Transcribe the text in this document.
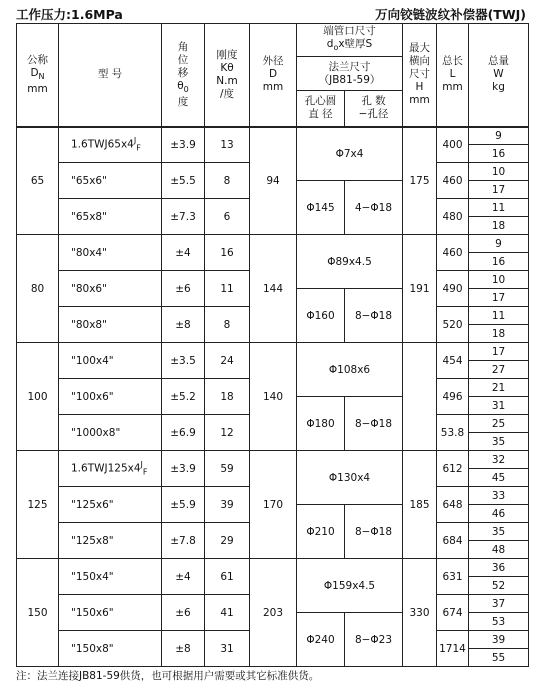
工作压力:1.6MPa	万向铰链波纹补偿器(TWJ)
公称
$D_N$
mm	型 号	角
位
移
$\theta_0$
度	刚度
Kθ
N.m
/度	外径
D
mm	端管口尺寸
$d_ox$壁厚S		最大
横向
尺寸
H
mm	总长
L
mm	总量
W
kg
					法兰尺寸
（JB81-59）				
					孔心圆
直 径	孔 数
−孔径			
65	$1.6TWJ65x4^J_F$	±3.9	13	94	Φ7x4		175	400	9
									16
	"65x6"	±5.5	8					460	10
					Φ145	4−Φ18			17
	"65x8"	±7.3	6					480	11
									18
80	"80x4"	±4	16	144	Φ89x4.5		191	460	9
									16
	"80x6"	±6	11					490	10
					Φ160	8−Φ18			17
	"80x8"	±8	8					520	11
									18
100	"100x4"	±3.5	24	140	Φ108x6			454	17
									27
	"100x6"	±5.2	18					496	21
					Φ180	8−Φ18			31
	"1000x8"	±6.9	12					53.8	25
									35
125	$1.6TWJ125x4^J_F$	±3.9	59	170	Φ130x4		185	612	32
									45
	"125x6"	±5.9	39					648	33
					Φ210	8−Φ18			46
	"125x8"	±7.8	29					684	35
									48
150	"150x4"	±4	61	203	Φ159x4.5		330	631	36
									52
	"150x6"	±6	41					674	37
					Φ240	8−Φ23			53
	"150x8"	±8	31					1714	39
									55
注：法兰连接JB81-59供货，也可根据用户需要或其它标准供货。
